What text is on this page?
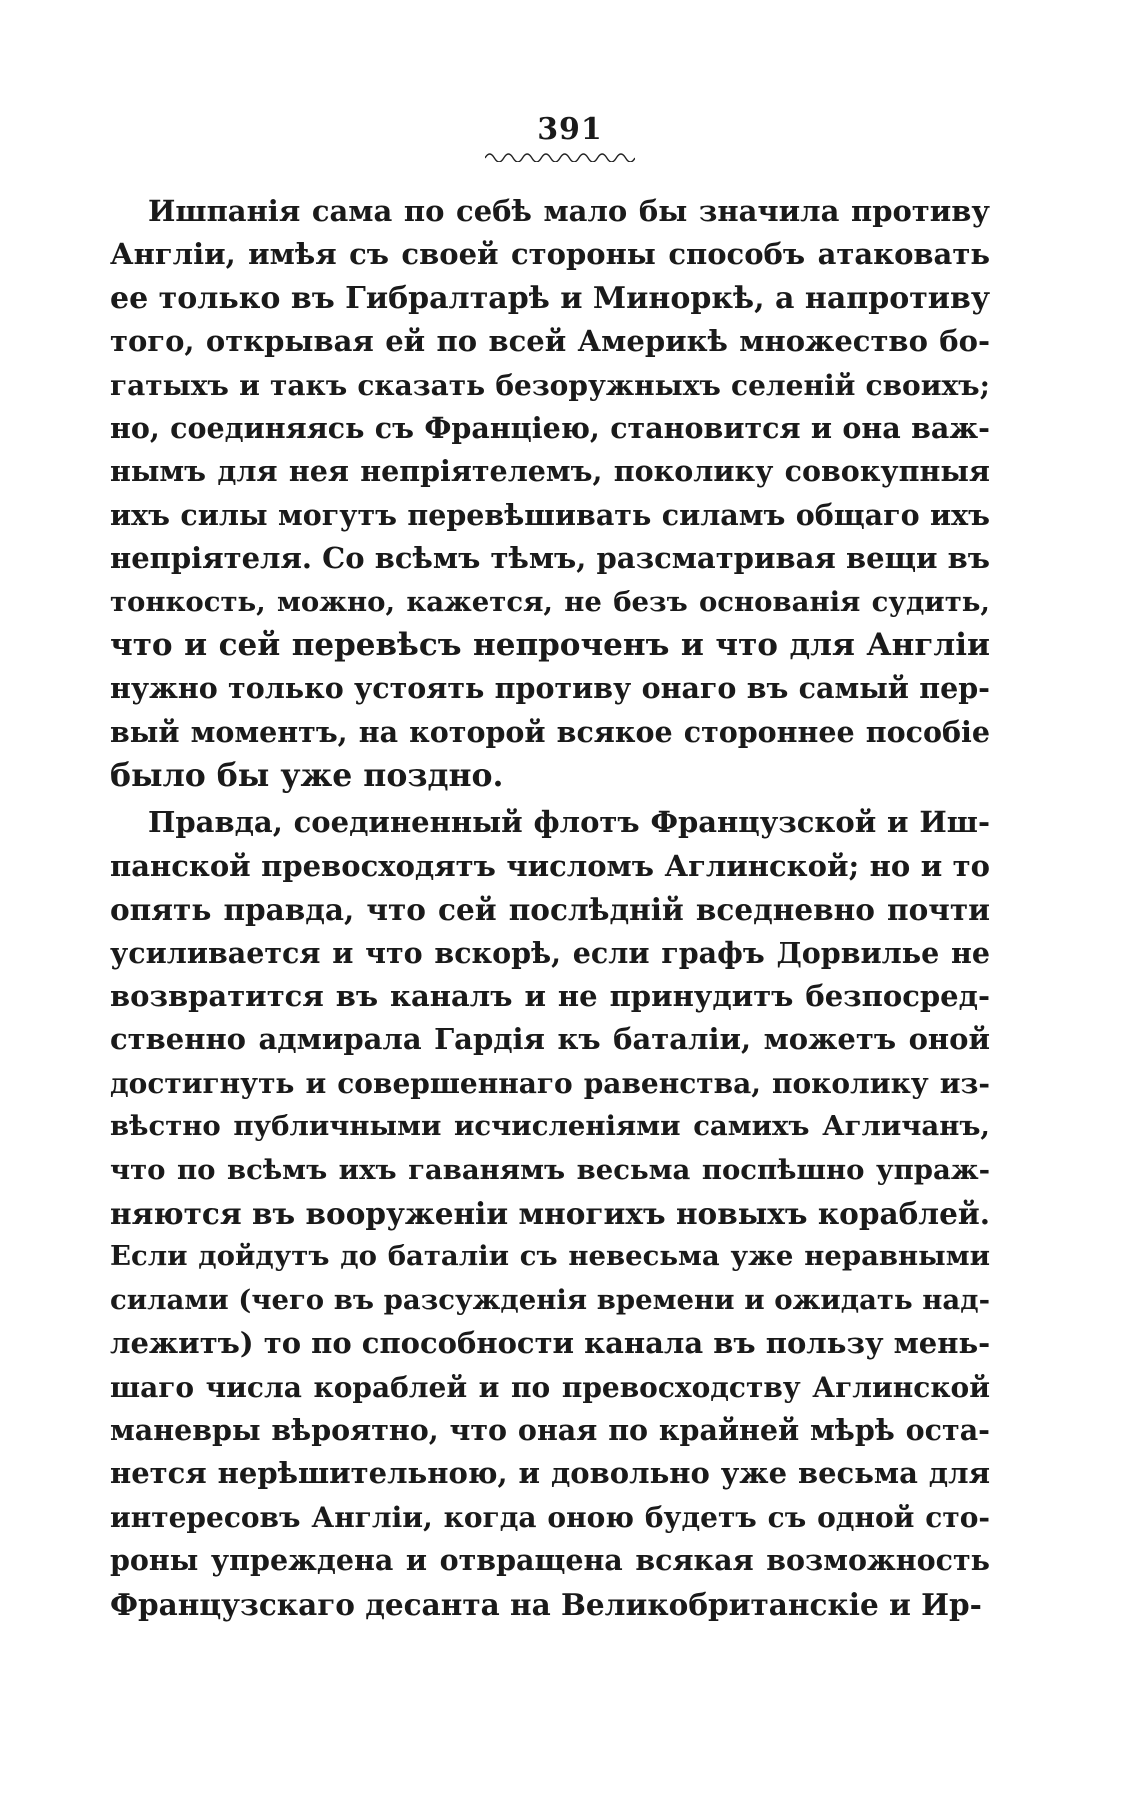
391
Ишпанія сама по себѣ мало бы значила противу
Англіи, имѣя съ своей стороны способъ атаковать
ее только въ Гибралтарѣ и Миноркѣ, а напротиву
того, открывая ей по всей Америкѣ множество бо-
гатыхъ и такъ сказать безоружныхъ селеній своихъ;
но, соединяясь съ Франціею, становится и она важ-
нымъ для нея непріятелемъ, поколику совокупныя
ихъ силы могутъ перевѣшивать силамъ общаго ихъ
непріятеля. Со всѣмъ тѣмъ, разсматривая вещи въ
тонкость, можно, кажется, не безъ основанія судить,
что и сей перевѣсъ непроченъ и что для Англіи
нужно только устоять противу онаго въ самый пер-
вый моментъ, на которой всякое стороннее пособіе
было бы уже поздно.
Правда, соединенный флотъ Французской и Иш-
панской превосходятъ числомъ Аглинской; но и то
опять правда, что сей послѣдній вседневно почти
усиливается и что вскорѣ, если графъ Дорвилье не
возвратится въ каналъ и не принудитъ безпосред-
ственно адмирала Гардія къ баталіи, можетъ оной
достигнуть и совершеннаго равенства, поколику из-
вѣстно публичными исчисленіями самихъ Агличанъ,
что по всѣмъ ихъ гаванямъ весьма поспѣшно упраж-
няются въ вооруженіи многихъ новыхъ кораблей.
Если дойдутъ до баталіи съ невесьма уже неравными
силами (чего въ разсужденія времени и ожидать над-
лежитъ) то по способности канала въ пользу мень-
шаго числа кораблей и по превосходству Аглинской
маневры вѣроятно, что оная по крайней мѣрѣ оста-
нется нерѣшительною, и довольно уже весьма для
интересовъ Англіи, когда оною будетъ съ одной сто-
роны упреждена и отвращена всякая возможность
Французскаго десанта на Великобританскіе и Ир-
